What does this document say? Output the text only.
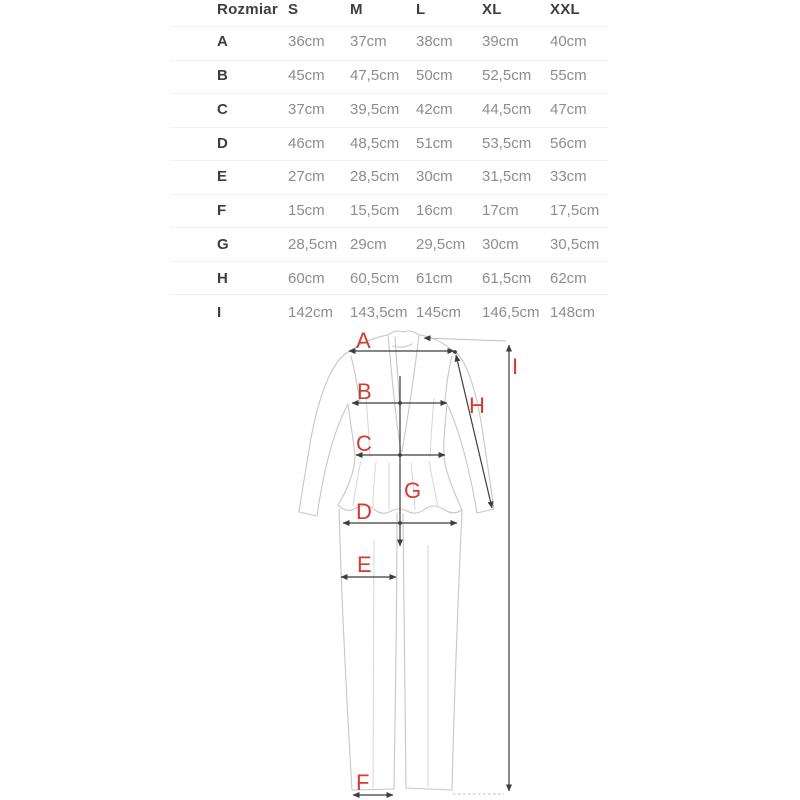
Rozmiar S	M	L	XL	XXL
A	36cm 37cm 38cm 39cm 40cm
B	45cm 47,5cm 50cm 52,5cm 55cm
C	37cm 39,5cm 42cm 44,5cm 47cm
D	46cm 48,5cm 51cm 53,5cm 56cm
E	27cm 28,5cm 30cm 31,5cm 33cm
F	15cm 15,5cm 16cm 17cm 17,5cm
G	28,5cm 29cm 29,5cm 30cm 30,5cm
H	60cm 60,5cm 61cm 61,5cm 62cm
I	142cm 143,5cm 145cm 146,5cm 148cm
A
B
C
D
E
F
G
H
I
